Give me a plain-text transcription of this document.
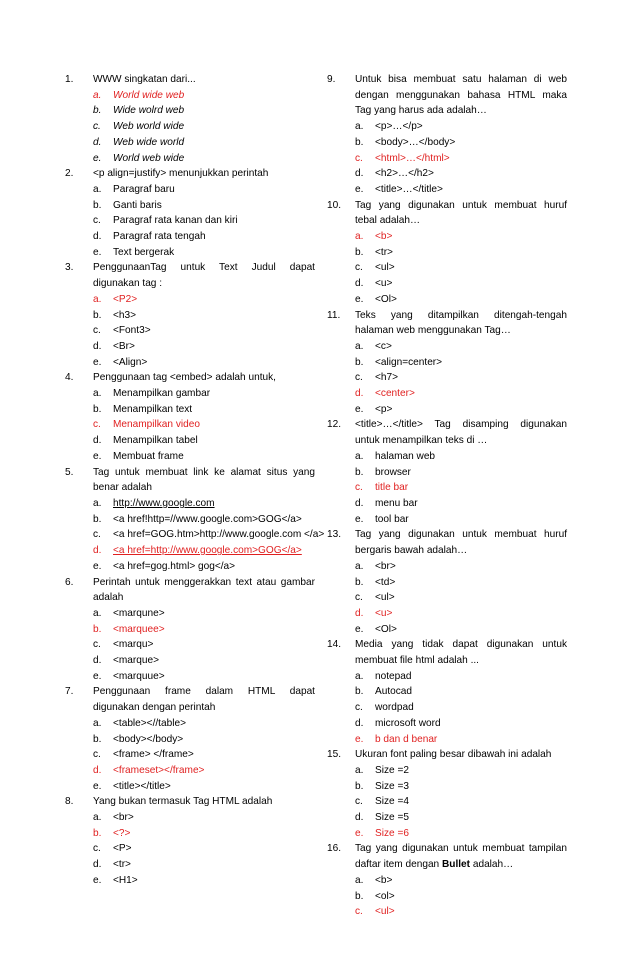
1.	WWW singkatan dari...
a. World wide web
b. Wide wolrd web
c. Web world wide
d. Web wide world
e. World web wide
2.	<p align=justify> menunjukkan perintah
a. Paragraf baru
b. Ganti baris
c. Paragraf rata kanan dan kiri
d. Paragraf rata tengah
e. Text bergerak
3.	PenggunaanTag untuk Text Judul dapat digunakan tag :
a. <P2>
b. <h3>
c. <Font3>
d. <Br>
e. <Align>
4.	Penggunaan tag <embed> adalah untuk,
a. Menampilkan gambar
b. Menampilkan text
c. Menampilkan video
d. Menampilkan tabel
e. Membuat frame
5.	Tag untuk membuat link ke alamat situs yang benar adalah
a. http://www.google.com
b. <a href!http=//www.google.com>GOG</a>
c. <a href=GOG.htm>http://www.google.com </a>
d. <a href=http://www.google.com>GOG</a>
e. <a href=gog.html> gog</a>
6.	Perintah untuk menggerakkan text atau gambar adalah
a. <marqune>
b. <marquee>
c. <marqu>
d. <marque>
e. <marquue>
7.	Penggunaan frame dalam HTML dapat digunakan dengan perintah
a. <table><//table>
b. <body></body>
c. <frame> </frame>
d. <frameset></frame>
e. <title></title>
8.	Yang bukan termasuk Tag HTML adalah
a. <br>
b. <?>
c. <P>
d. <tr>
e. <H1>
9.	Untuk bisa membuat satu halaman di web dengan menggunakan bahasa HTML maka Tag yang harus ada adalah…
a. <p>…</p>
b. <body>…</body>
c. <html>…</html>
d. <h2>…</h2>
e. <title>…</title>
10.	Tag yang digunakan untuk membuat huruf tebal adalah…
a. <b>
b. <tr>
c. <ul>
d. <u>
e. <Ol>
11.	Teks yang ditampilkan ditengah-tengah halaman web menggunakan Tag…
a. <c>
b. <align=center>
c. <h7>
d. <center>
e. <p>
12.	<title>…</title> Tag disamping digunakan untuk menampilkan teks di …
a. halaman web
b. browser
c. title bar
d. menu bar
e. tool bar
13.	Tag yang digunakan untuk membuat huruf bergaris bawah adalah…
a. <br>
b. <td>
c. <ul>
d. <u>
e. <Ol>
14.	Media yang tidak dapat digunakan untuk membuat file html adalah ...
a. notepad
b. Autocad
c. wordpad
d. microsoft word
e. b dan d benar
15.	Ukuran font paling besar dibawah ini adalah
a. Size =2
b. Size =3
c. Size =4
d. Size =5
e. Size =6
16.	Tag yang digunakan untuk membuat tampilan daftar item dengan Bullet adalah…
a. <b>
b. <ol>
c. <ul>
